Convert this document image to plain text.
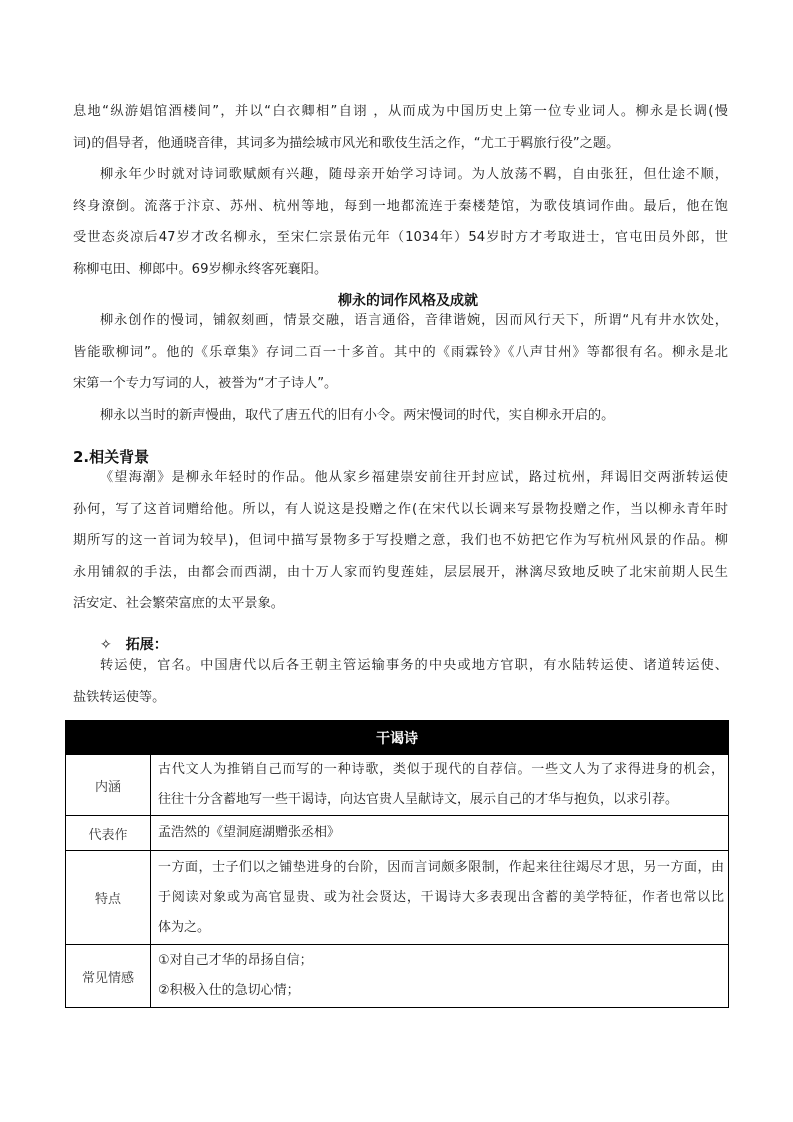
息地“纵游娼馆酒楼间”，并以“白衣卿相”自诩 ，从而成为中国历史上第一位专业词人。柳永是长调(慢
词)的倡导者，他通晓音律，其词多为描绘城市风光和歌伎生活之作，“尤工于羁旅行役”之题。
柳永年少时就对诗词歌赋颇有兴趣，随母亲开始学习诗词。为人放荡不羁，自由张狂，但仕途不顺，
终身潦倒。流落于汴京、苏州、杭州等地，每到一地都流连于秦楼楚馆，为歌伎填词作曲。最后，他在饱
受世态炎凉后47岁才改名柳永，至宋仁宗景佑元年（1034年）54岁时方才考取进士，官屯田员外郎，世
称柳屯田、柳郎中。69岁柳永终客死襄阳。
柳永创作的慢词，铺叙刻画，情景交融，语言通俗，音律谐婉，因而风行天下，所谓“凡有井水饮处，
皆能歌柳词”。他的《乐章集》存词二百一十多首。其中的《雨霖铃》《八声甘州》等都很有名。柳永是北
宋第一个专力写词的人，被誉为“才子诗人”。
柳永以当时的新声慢曲，取代了唐五代的旧有小令。两宋慢词的时代，实自柳永开启的。
《望海潮》是柳永年轻时的作品。他从家乡福建崇安前往开封应试，路过杭州，拜谒旧交两浙转运使
孙何，写了这首词赠给他。所以，有人说这是投赠之作(在宋代以长调来写景物投赠之作，当以柳永青年时
期所写的这一首词为较早)，但词中描写景物多于写投赠之意，我们也不妨把它作为写杭州风景的作品。柳
永用铺叙的手法，由都会而西湖，由十万人家而钓叟莲娃，层层展开，淋漓尽致地反映了北宋前期人民生
活安定、社会繁荣富庶的太平景象。
转运使，官名。中国唐代以后各王朝主管运输事务的中央或地方官职，有水陆转运使、诸道转运使、
盐铁转运使等。
柳永的词作风格及成就
2.相关背景
✧ 拓展：
干谒诗	
内涵	古代文人为推销自己而写的一种诗歌，类似于现代的自荐信。一些文人为了求得进身的机会，
往往十分含蓄地写一些干谒诗，向达官贵人呈献诗文，展示自己的才华与抱负，以求引荐。

代表作	孟浩然的《望洞庭湖赠张丞相》

特点	一方面，士子们以之铺垫进身的台阶，因而言词颇多限制，作起来往往竭尽才思，另一方面，由
于阅读对象或为高官显贵、或为社会贤达，干谒诗大多表现出含蓄的美学特征，作者也常以比
体为之。

常见情感	①对自己才华的昂扬自信；
②积极入仕的急切心情；
